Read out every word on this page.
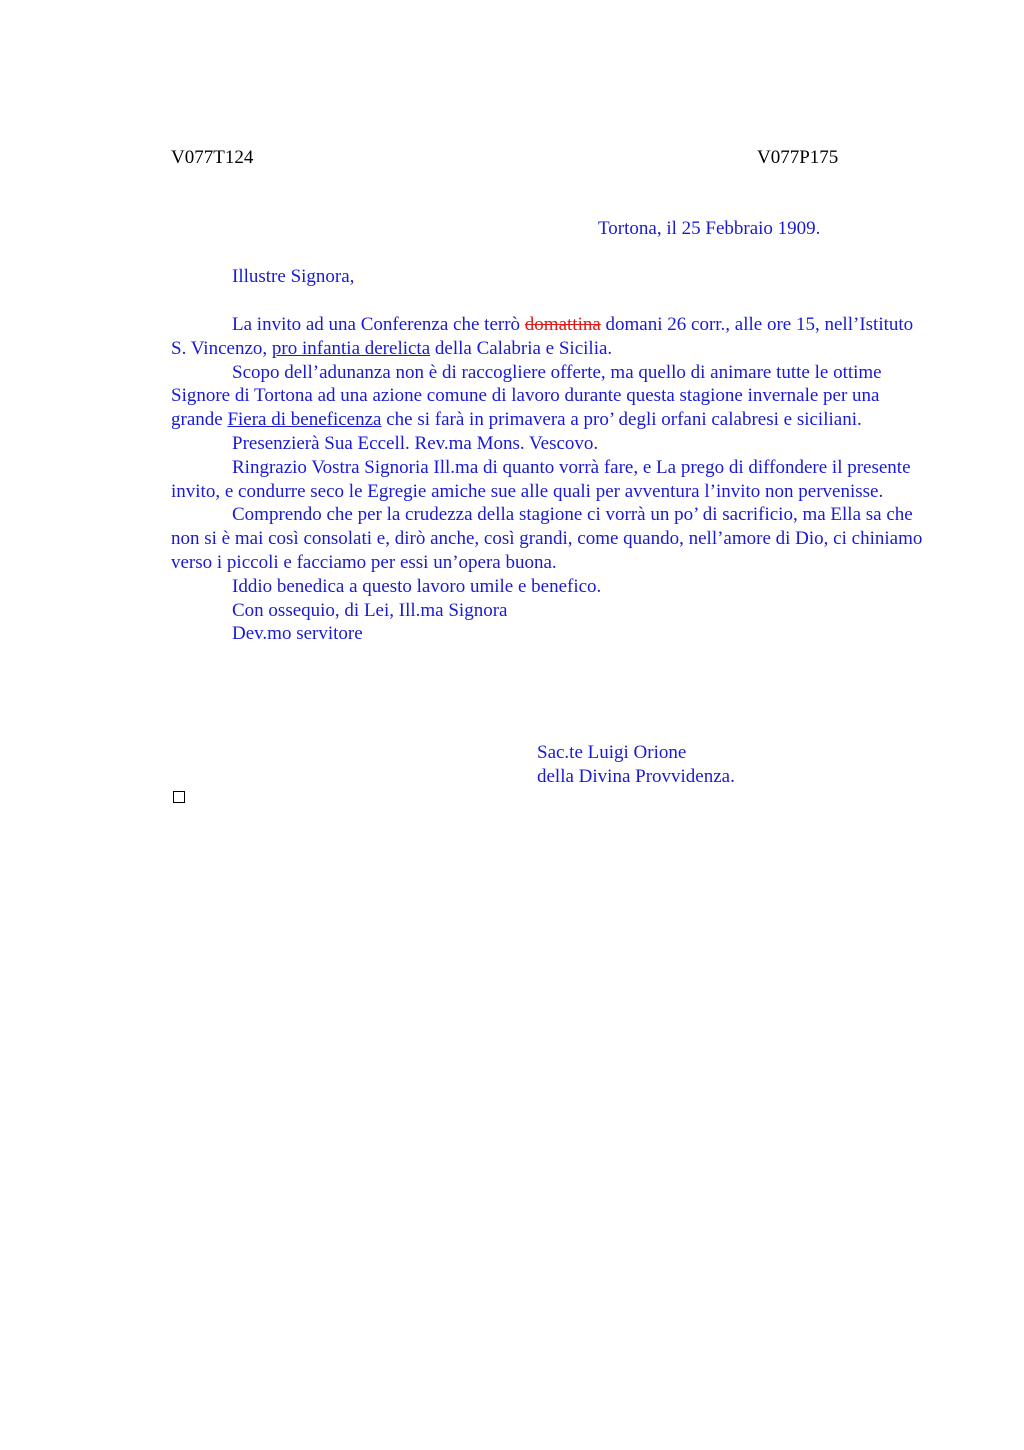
V077T124	V077P175
Tortona, il 25 Febbraio 1909.
Illustre Signora,

La invito ad una Conferenza che terrò domattina domani 26 corr., alle ore 15, nell’Istituto S. Vincenzo, pro infantia derelicta della Calabria e Sicilia.

Scopo dell’adunanza non è di raccogliere offerte, ma quello di animare tutte le ottime Signore di Tortona ad una azione comune di lavoro durante questa stagione invernale per una grande Fiera di beneficenza che si farà in primavera a pro’ degli orfani calabresi e siciliani.

Presenzierà Sua Eccell. Rev.ma Mons. Vescovo.

Ringrazio Vostra Signoria Ill.ma di quanto vorrà fare, e La prego di diffondere il presente invito, e condurre seco le Egregie amiche sue alle quali per avventura l’invito non pervenisse.

Comprendo che per la crudezza della stagione ci vorrà un po’ di sacrificio, ma Ella sa che non si è mai così consolati e, dirò anche, così grandi, come quando, nell’amore di Dio, ci chiniamo verso i piccoli e facciamo per essi un’opera buona.

Iddio benedica a questo lavoro umile e benefico.

Con ossequio, di Lei, Ill.ma Signora

Dev.mo servitore

Sac.te Luigi Orione
della Divina Provvidenza.
